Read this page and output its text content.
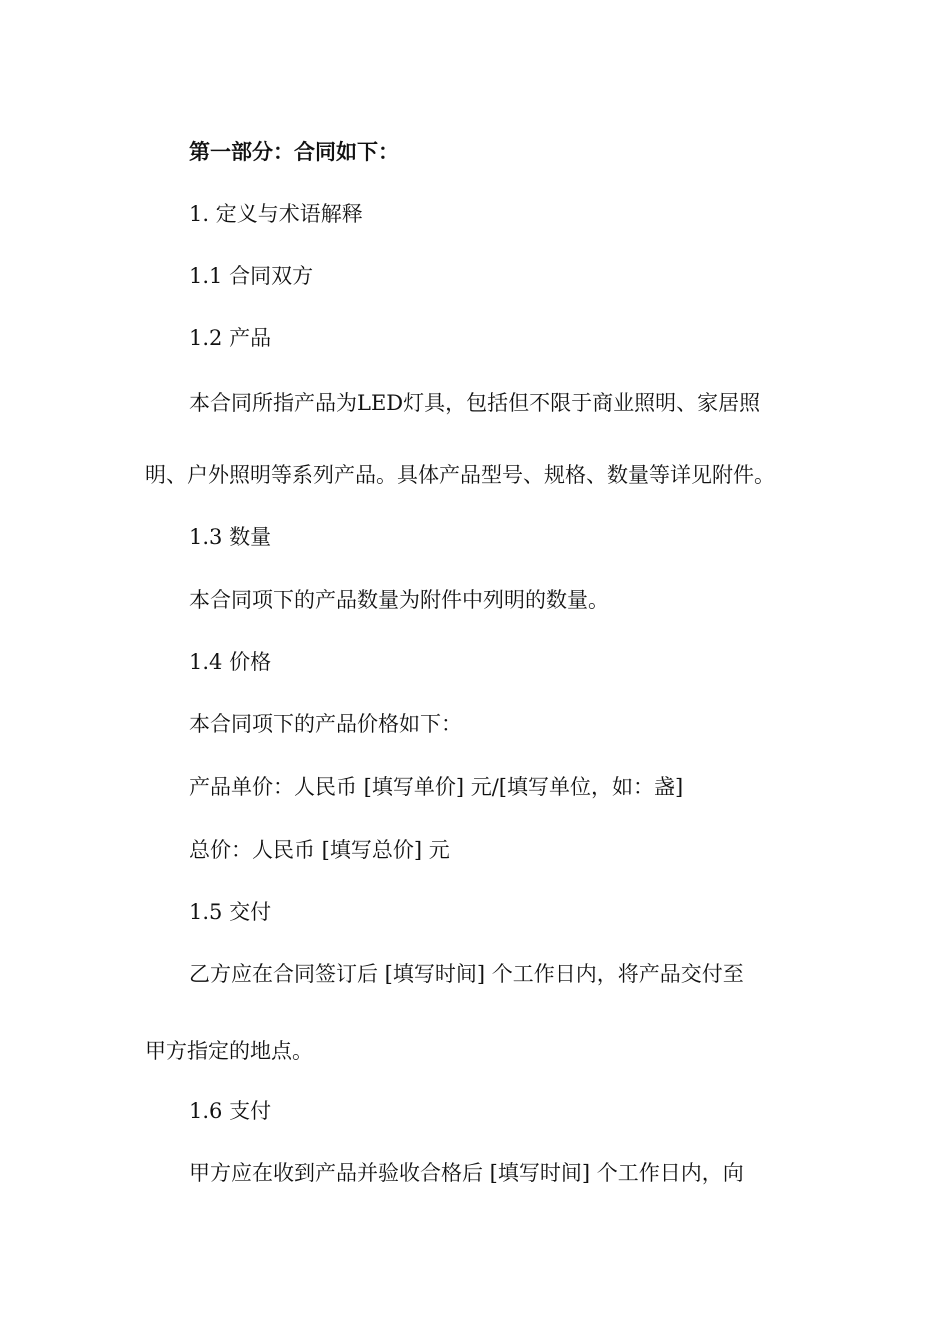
第一部分：合同如下：
1. 定义与术语解释
1.1 合同双方
1.2 产品
本合同所指产品为LED灯具，包括但不限于商业照明、家居照
明、户外照明等系列产品。具体产品型号、规格、数量等详见附件。
1.3 数量
本合同项下的产品数量为附件中列明的数量。
1.4 价格
本合同项下的产品价格如下：
产品单价：人民币 [填写单价] 元/[填写单位，如：盏]
总价：人民币 [填写总价] 元
1.5 交付
乙方应在合同签订后 [填写时间] 个工作日内，将产品交付至
甲方指定的地点。
1.6 支付
甲方应在收到产品并验收合格后 [填写时间] 个工作日内，向
